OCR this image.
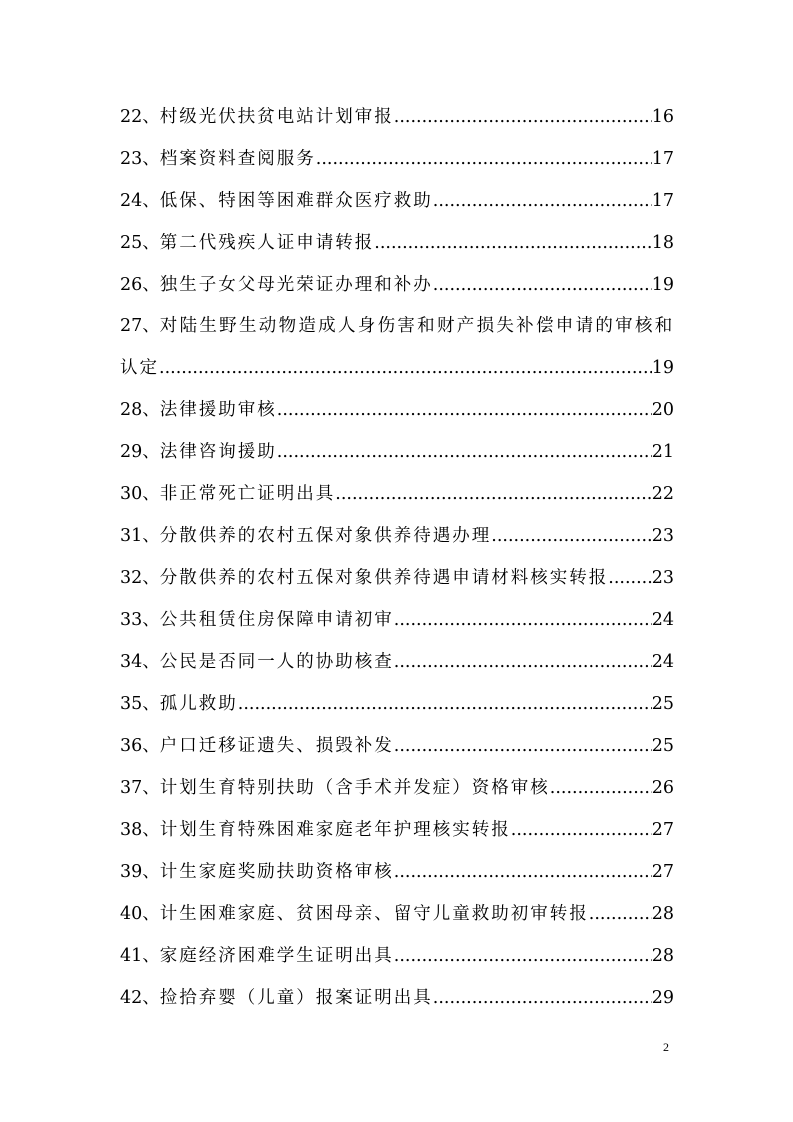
22、 村级光伏扶贫电站计划审报 .....	16
23、 档案资料查阅服务 .....	17
24、 低保、特困等困难群众医疗救助 .....	17
25、 第二代残疾人证申请转报 .....	18
26、 独生子女父母光荣证办理和补办 .....	19
27、 对陆生野生动物造成人身伤害和财产损失补偿申请的审核和
认定 .....	19
28、 法律援助审核 .....	20
29、 法律咨询援助 .....	21
30、 非正常死亡证明出具 .....	22
31、 分散供养的农村五保对象供养待遇办理 .....	23
32、 分散供养的农村五保对象供养待遇申请材料核实转报 ..... 23
33、 公共租赁住房保障申请初审 .....	24
34、 公民是否同一人的协助核查 .....	24
35、 孤儿救助 .....	25
36、 户口迁移证遗失、损毁补发 .....	25
37、 计划生育特别扶助（含手术并发症）资格审核 .....	26
38、 计划生育特殊困难家庭老年护理核实转报 .....	27
39、 计生家庭奖励扶助资格审核 .....	27
40、 计生困难家庭、贫困母亲、留守儿童救助初审转报 .....	28
41、 家庭经济困难学生证明出具 .....	28
42、 捡拾弃婴（儿童）报案证明出具 .....	29
2
